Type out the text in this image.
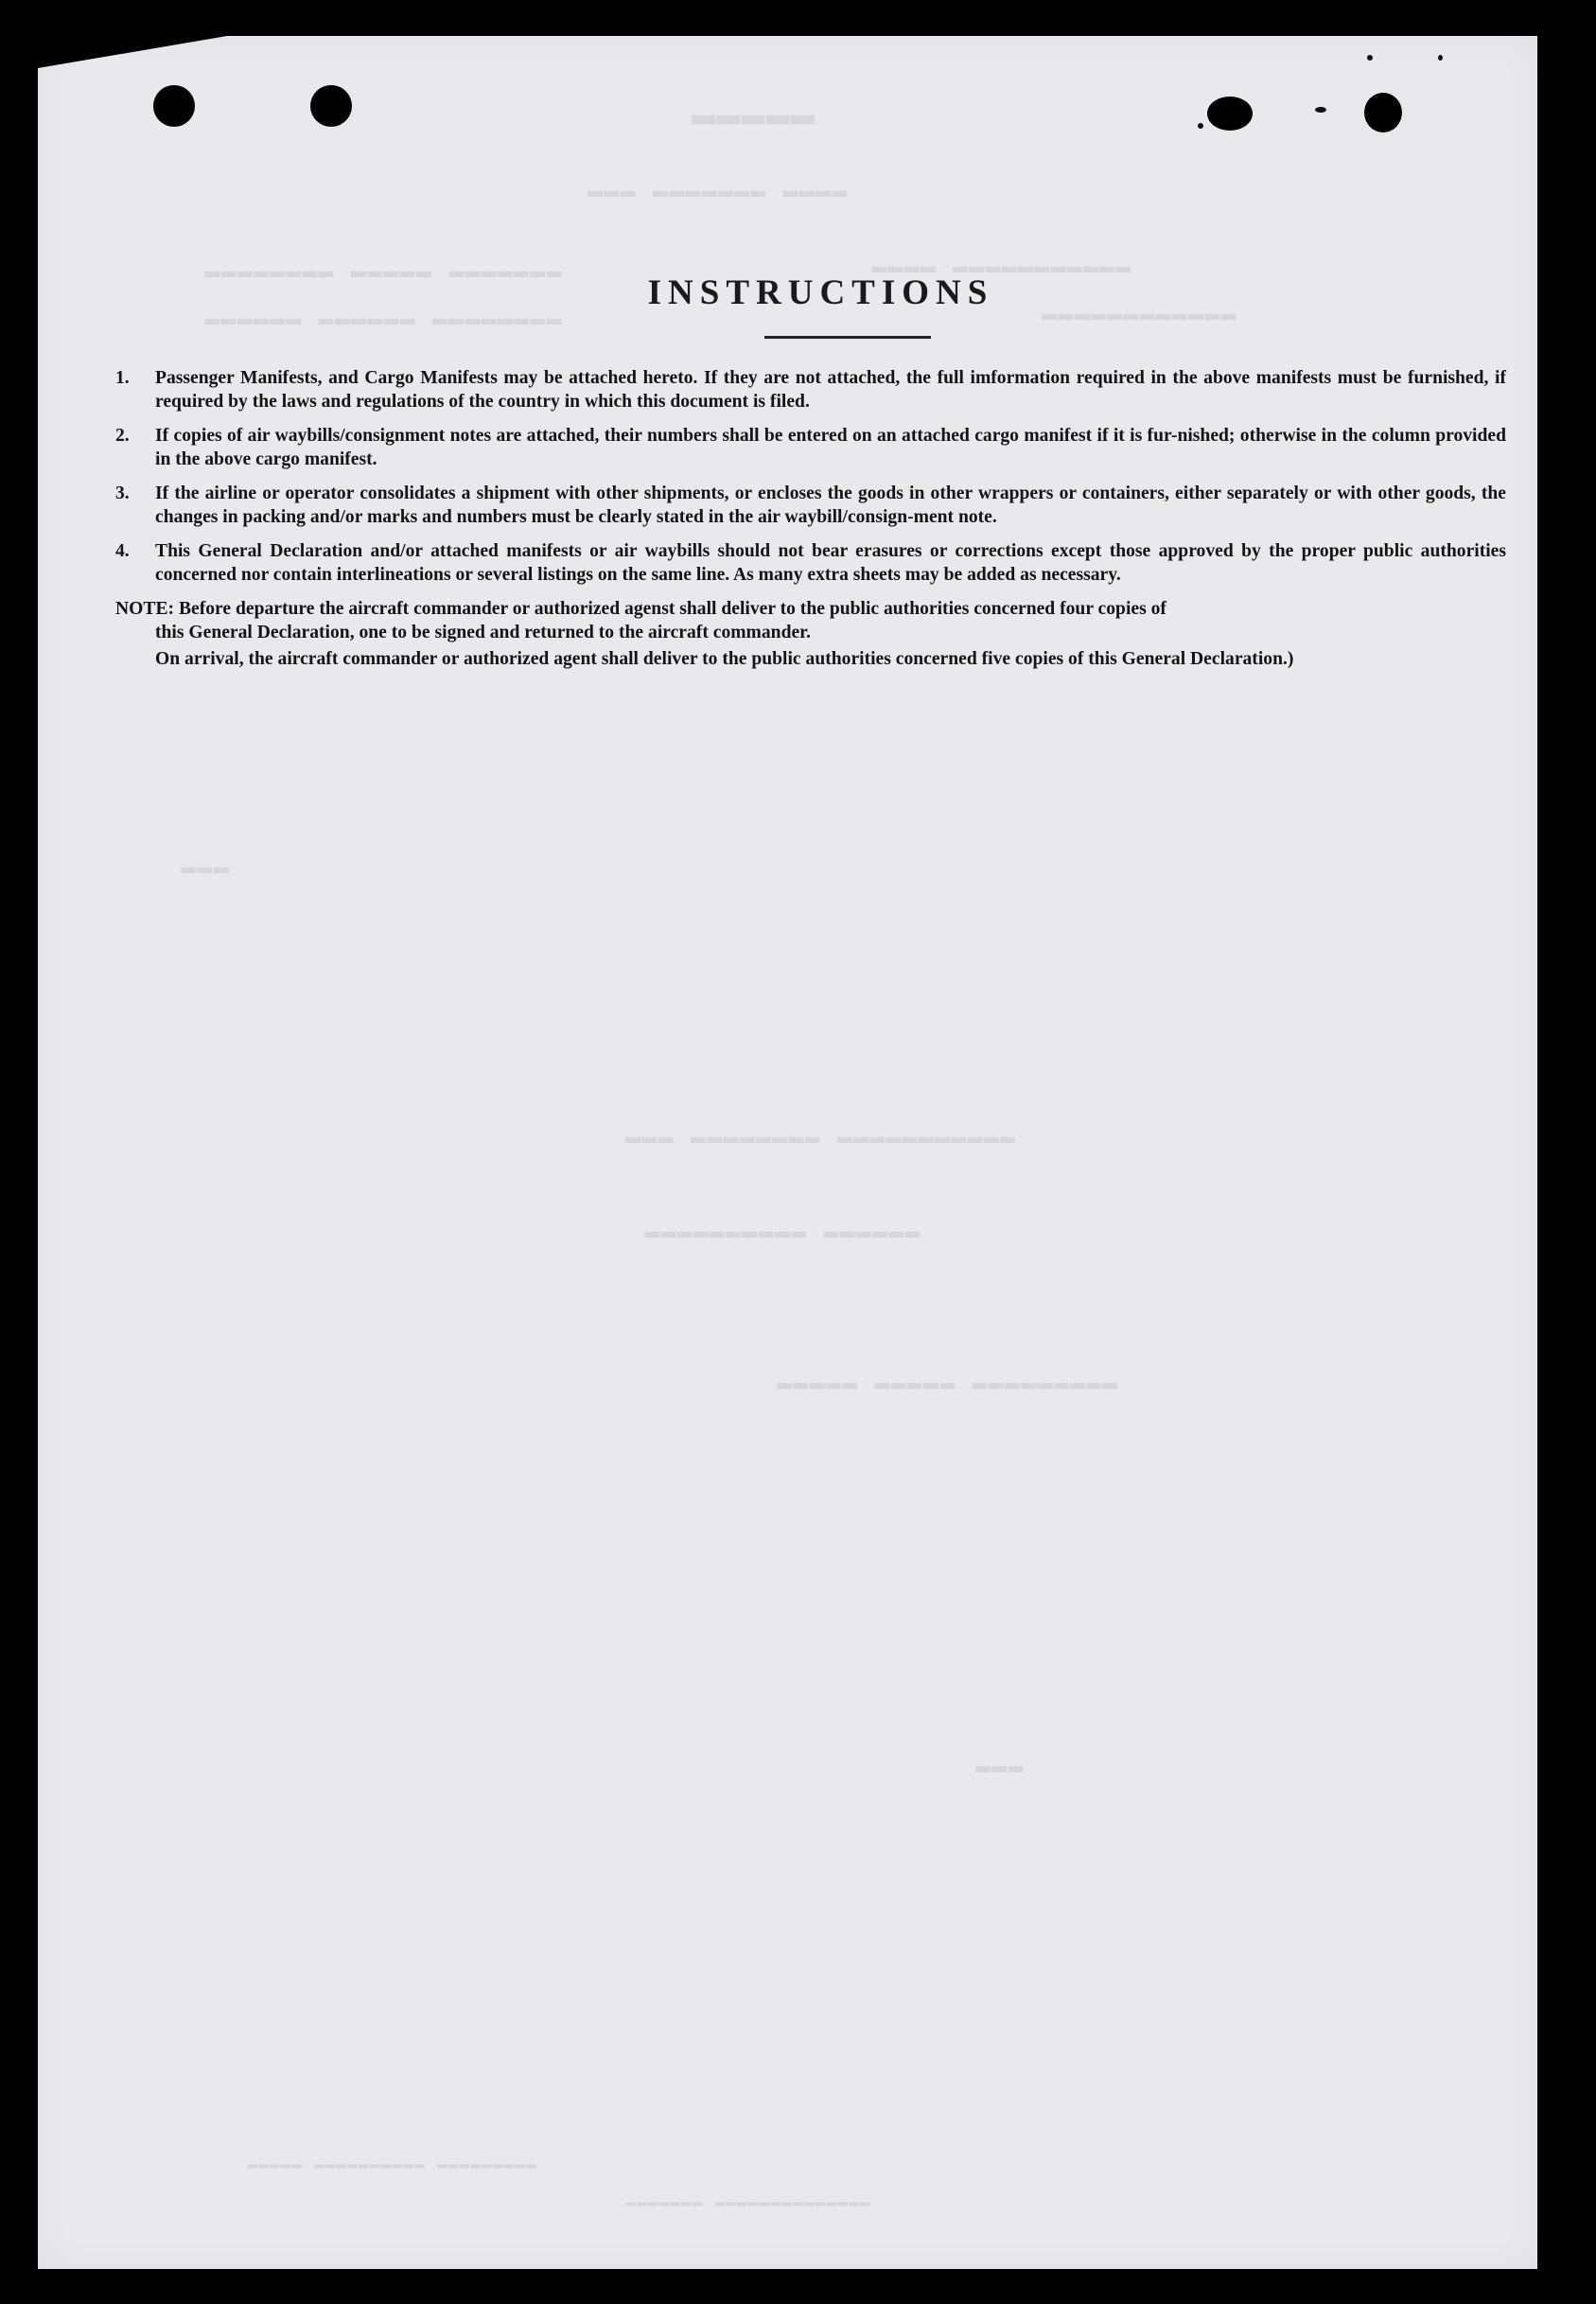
▬▬▬▬▬
▬▬▬▬ ▬▬▬▬▬▬▬ ▬▬▬
▬▬▬▬▬▬▬ ▬▬▬▬▬ ▬▬▬▬▬▬▬▬	▬▬▬▬▬▬▬▬▬▬▬ ▬▬▬▬
▬▬▬▬▬▬▬▬▬▬▬▬
▬▬▬▬▬▬▬▬ ▬▬▬▬▬▬ ▬▬▬▬▬▬
▬▬▬
▬▬▬▬▬▬▬▬▬▬▬ ▬▬▬▬▬▬▬▬ ▬▬▬
▬▬▬▬▬▬ ▬▬▬▬▬▬▬▬▬▬
▬▬▬▬▬▬▬▬▬ ▬▬▬▬▬ ▬▬▬▬▬
▬▬▬
▬▬▬▬▬▬▬▬▬ ▬▬▬▬▬▬▬▬▬▬ ▬▬▬▬▬
▬▬▬▬▬▬▬▬▬▬▬▬▬▬ ▬▬▬▬▬▬▬
INSTRUCTIONS
1. Passenger Manifests, and Cargo Manifests may be attached hereto. If they are not attached, the full imformation required in the above manifests must be furnished, if required by the laws and regulations of the country in which this document is filed.
2. If copies of air waybills/consignment notes are attached, their numbers shall be entered on an attached cargo manifest if it is fur-nished; otherwise in the column provided in the above cargo manifest.
3. If the airline or operator consolidates a shipment with other shipments, or encloses the goods in other wrappers or containers, either separately or with other goods, the changes in packing and/or marks and numbers must be clearly stated in the air waybill/consign-ment note.
4. This General Declaration and/or attached manifests or air waybills should not bear erasures or corrections except those approved by the proper public authorities concerned nor contain interlineations or several listings on the same line. As many extra sheets may be added as necessary.
NOTE: Before departure the aircraft commander or authorized agenst shall deliver to the public authorities concerned four copies of
this General Declaration, one to be signed and returned to the aircraft commander.
On arrival, the aircraft commander or authorized agent shall deliver to the public authorities concerned five copies of this General Declaration.)
